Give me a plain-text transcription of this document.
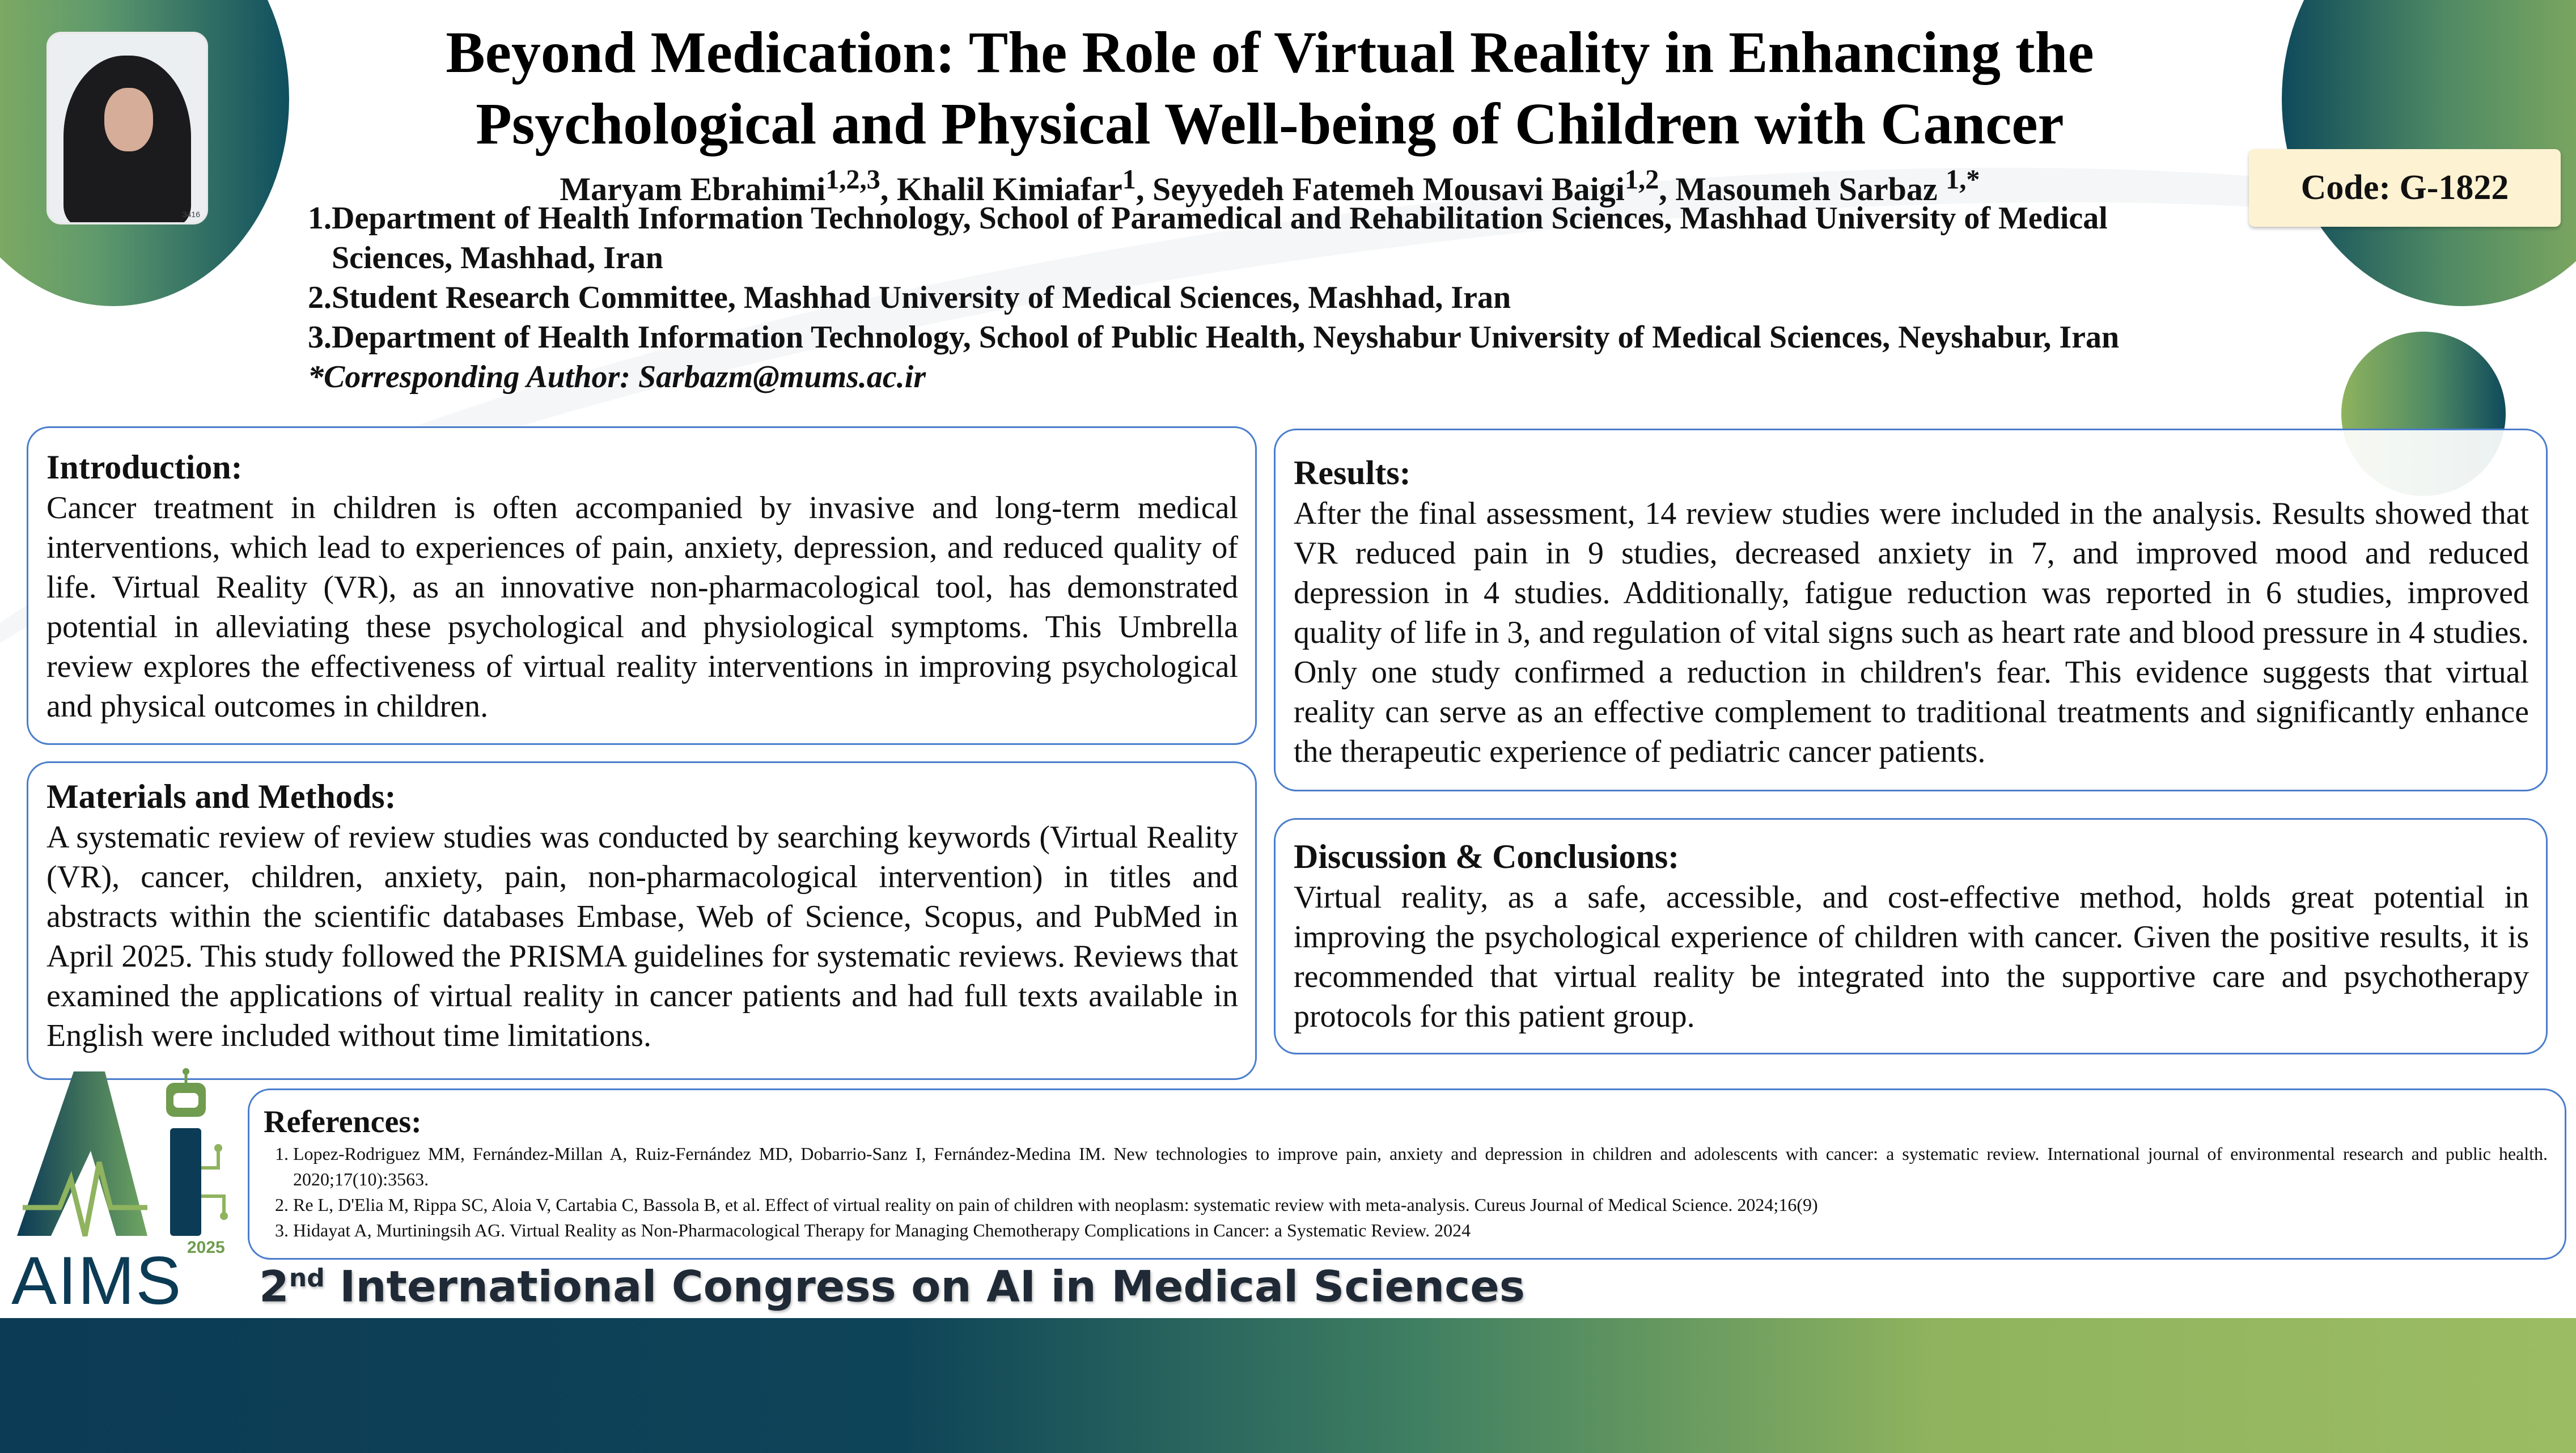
3416
Beyond Medication: The Role of Virtual Reality in Enhancing the Psychological and Physical Well-being of Children with Cancer
Maryam Ebrahimi$^{1,2,3}$, Khalil Kimiafar$^1$, Seyyedeh Fatemeh Mousavi Baigi$^{1,2}$, Masoumeh Sarbaz $^{1,*}$
1. Department of Health Information Technology, School of Paramedical and Rehabilitation Sciences, Mashhad University of Medical Sciences, Mashhad, Iran
2. Student Research Committee, Mashhad University of Medical Sciences, Mashhad, Iran
3. Department of Health Information Technology, School of Public Health, Neyshabur University of Medical Sciences, Neyshabur, Iran
*Corresponding Author: Sarbazm@mums.ac.ir
Code: G-1822
Introduction:

Cancer treatment in children is often accompanied by invasive and long-term medical interventions, which lead to experiences of pain, anxiety, depression, and reduced quality of life. Virtual Reality (VR), as an innovative non-pharmacological tool, has demonstrated potential in alleviating these psychological and physiological symptoms. This Umbrella review explores the effectiveness of virtual reality interventions in improving psychological and physical outcomes in children.

Materials and Methods:

A systematic review of review studies was conducted by searching keywords (Virtual Reality (VR), cancer, children, anxiety, pain, non-pharmacological intervention) in titles and abstracts within the scientific databases Embase, Web of Science, Scopus, and PubMed in April 2025. This study followed the PRISMA guidelines for systematic reviews. Reviews that examined the applications of virtual reality in cancer patients and had full texts available in English were included without time limitations.

Results:

After the final assessment, 14 review studies were included in the analysis. Results showed that VR reduced pain in 9 studies, decreased anxiety in 7, and improved mood and reduced depression in 4 studies. Additionally, fatigue reduction was reported in 6 studies, improved quality of life in 3, and regulation of vital signs such as heart rate and blood pressure in 4 studies. Only one study confirmed a reduction in children's fear. This evidence suggests that virtual reality can serve as an effective complement to traditional treatments and significantly enhance the therapeutic experience of pediatric cancer patients.

Discussion & Conclusions:

Virtual reality, as a safe, accessible, and cost-effective method, holds great potential in improving the psychological experience of children with cancer. Given the positive results, it is recommended that virtual reality be integrated into the supportive care and psychotherapy protocols for this patient group.

References:
1. Lopez-Rodriguez MM, Fernández-Millan A, Ruiz-Fernández MD, Dobarrio-Sanz I, Fernández-Medina IM. New technologies to improve pain, anxiety and depression in children and adolescents with cancer: a systematic review. International journal of environmental research and public health. 2020;17(10):3563.
2. Re L, D'Elia M, Rippa SC, Aloia V, Cartabia C, Bassola B, et al. Effect of virtual reality on pain of children with neoplasm: systematic review with meta-analysis. Cureus Journal of Medical Science. 2024;16(9)
3. Hidayat A, Murtiningsih AG. Virtual Reality as Non-Pharmacological Therapy for Managing Chemotherapy Complications in Cancer: a Systematic Review. 2024
2025
AIMS
Ai
2nd International Congress on AI in Medical Sciences
